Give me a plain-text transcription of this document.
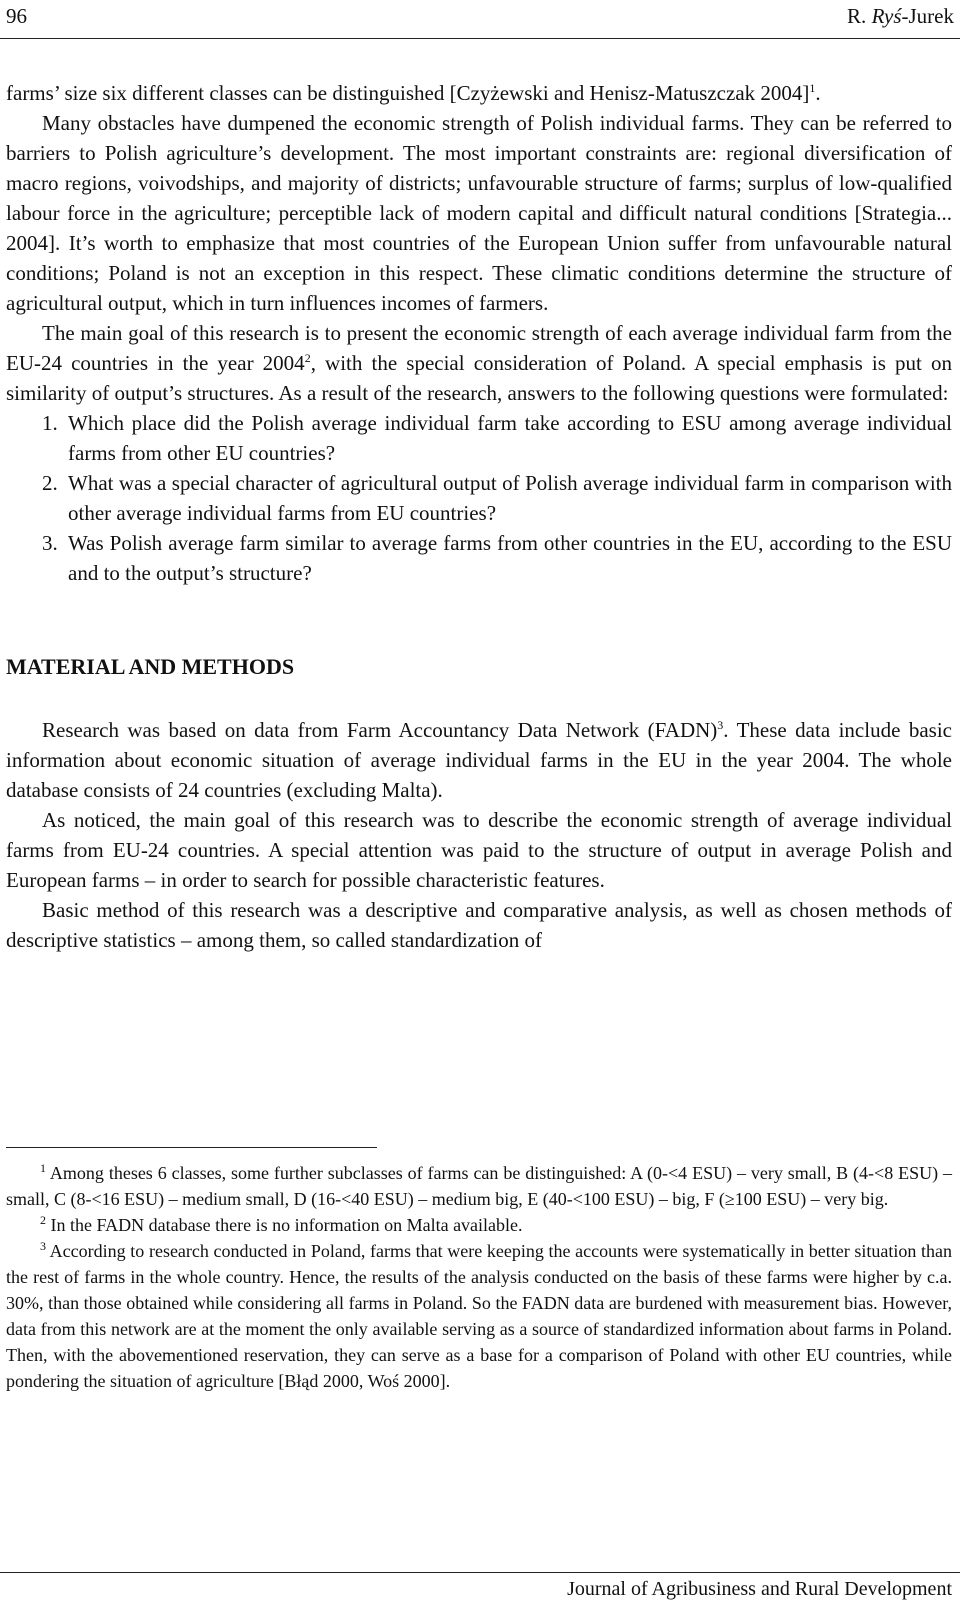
96	R. Ryś-Jurek

farms’ size six different classes can be distinguished [Czyżewski and Henisz-Matuszczak 2004]$^1$.

Many obstacles have dumpened the economic strength of Polish individual farms. They can be referred to barriers to Polish agriculture’s development. The most important constraints are: regional diversification of macro regions, voivodships, and majority of districts; unfavourable structure of farms; surplus of low-qualified labour force in the agriculture; perceptible lack of modern capital and difficult natural conditions [Strategia... 2004]. It’s worth to emphasize that most countries of the European Union suffer from unfavourable natural conditions; Poland is not an exception in this respect. These climatic conditions determine the structure of agricultural output, which in turn influences incomes of farmers.

The main goal of this research is to present the economic strength of each average individual farm from the EU-24 countries in the year 2004$^2$, with the special consideration of Poland. A special emphasis is put on similarity of output’s structures. As a result of the research, answers to the following questions were formulated:

1. Which place did the Polish average individual farm take according to ESU among average individual farms from other EU countries?
2. What was a special character of agricultural output of Polish average individual farm in comparison with other average individual farms from EU countries?
3. Was Polish average farm similar to average farms from other countries in the EU, according to the ESU and to the output’s structure?
MATERIAL AND METHODS

Research was based on data from Farm Accountancy Data Network (FADN)$^3$. These data include basic information about economic situation of average individual farms in the EU in the year 2004. The whole database consists of 24 countries (excluding Malta).

As noticed, the main goal of this research was to describe the economic strength of average individual farms from EU-24 countries. A special attention was paid to the structure of output in average Polish and European farms – in order to search for possible characteristic features.

Basic method of this research was a descriptive and comparative analysis, as well as chosen methods of descriptive statistics – among them, so called standardization of

$^1$ Among theses 6 classes, some further subclasses of farms can be distinguished: A (0-<4 ESU) – very small, B (4-<8 ESU) – small, C (8-<16 ESU) – medium small, D (16-<40 ESU) – medium big, E (40-<100 ESU) – big, F (≥100 ESU) – very big.

$^2$ In the FADN database there is no information on Malta available.

$^3$ According to research conducted in Poland, farms that were keeping the accounts were systematically in better situation than the rest of farms in the whole country. Hence, the results of the analysis conducted on the basis of these farms were higher by c.a. 30%, than those obtained while considering all farms in Poland. So the FADN data are burdened with measurement bias. However, data from this network are at the moment the only available serving as a source of standardized information about farms in Poland. Then, with the abovementioned reservation, they can serve as a base for a comparison of Poland with other EU countries, while pondering the situation of agriculture [Błąd 2000, Woś 2000].

Journal of Agribusiness and Rural Development
